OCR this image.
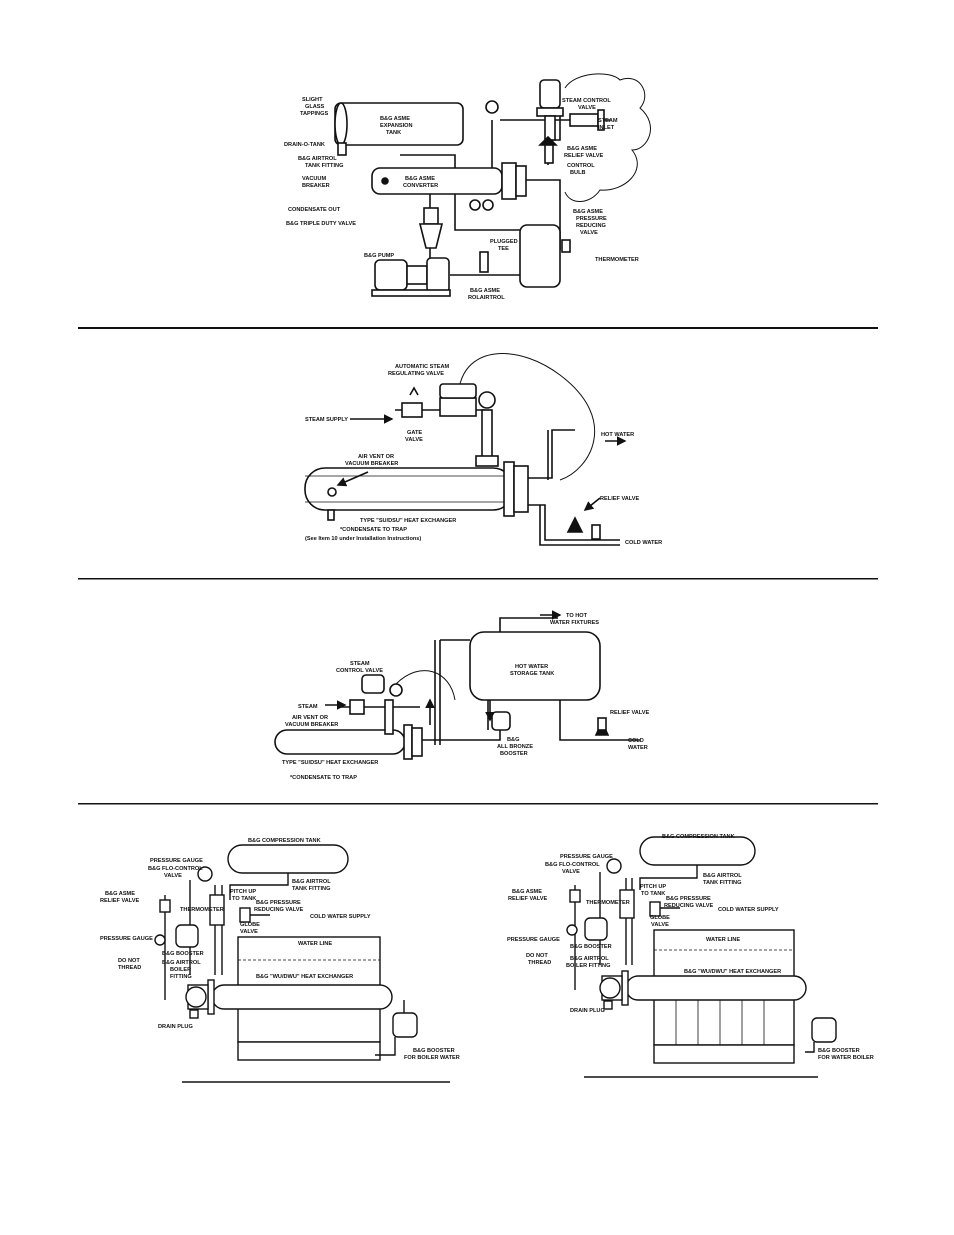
SLIGHT
GLASS
TAPPINGS
B&G ASME
EXPANSION
TANK
DRAIN-O-TANK
B&G AIRTROL
TANK FITTING
VACUUM
BREAKER
B&G ASME
CONVERTER
CONDENSATE OUT
B&G TRIPLE DUTY VALVE
B&G PUMP
PLUGGED
TEE
B&G ASME
ROLAIRTROL
STEAM CONTROL
VALVE
STEAM
INLET
B&G ASME
RELIEF VALVE
CONTROL
BULB
B&G ASME
PRESSURE
REDUCING
VALVE
THERMOMETER
AUTOMATIC STEAM
REGULATING VALVE
STEAM SUPPLY
GATE
VALVE
HOT WATER
AIR VENT OR
VACUUM BREAKER
RELIEF VALVE
TYPE "SU/DSU" HEAT EXCHANGER
*CONDENSATE TO TRAP
(See Item 10 under Installation Instructions)
COLD WATER
TO HOT
WATER FIXTURES
STEAM
CONTROL VALVE
HOT WATER
STORAGE TANK
STEAM
AIR VENT OR
VACUUM BREAKER
RELIEF VALVE
B&G
ALL BRONZE
BOOSTER
COLD
WATER
TYPE "SU/DSU" HEAT EXCHANGER
*CONDENSATE TO TRAP
B&G COMPRESSION TANK
PRESSURE GAUGE
B&G FLO-CONTROL
VALVE
B&G ASME
RELIEF VALVE
THERMOMETER
PITCH UP
TO TANK
B&G AIRTROL
TANK FITTING
B&G PRESSURE
REDUCING VALVE
COLD WATER SUPPLY
GLOBE
VALVE
PRESSURE GAUGE
B&G BOOSTER
DO NOT
THREAD
B&G AIRTROL
BOILER
FITTING
WATER LINE
B&G "WU/DWU" HEAT EXCHANGER
DRAIN PLUG
B&G BOOSTER
FOR BOILER WATER
B&G COMPRESSION TANK
PRESSURE GAUGE
B&G FLO-CONTROL
VALVE
B&G ASME
RELIEF VALVE
THERMOMETER
PITCH UP
TO TANK
B&G AIRTROL
TANK FITTING
B&G PRESSURE
REDUCING VALVE
COLD WATER SUPPLY
GLOBE
VALVE
PRESSURE GAUGE
B&G BOOSTER
DO NOT
THREAD
B&G AIRTROL
BOILER FITTING
WATER LINE
B&G "WU/DWU" HEAT EXCHANGER
DRAIN PLUG
B&G BOOSTER
FOR WATER BOILER
